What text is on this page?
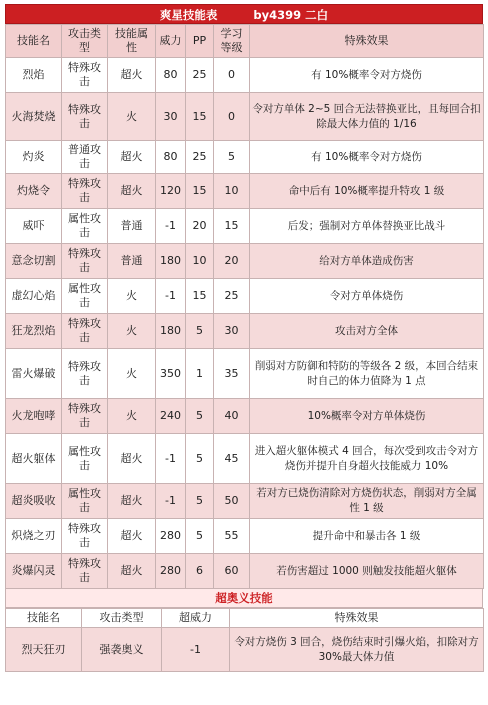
爽星技能表	by4399 二白
技能名	攻击类型	技能属性	威力	PP	学习等级	特殊效果
烈焰	特殊攻击	超火	80	25	0	有 10%概率令对方烧伤
火海焚烧	特殊攻击	火	30	15	0	令对方单体 2~5 回合无法替换亚比，且每回合扣除最大体力值的 1/16
灼炎	普通攻击	超火	80	25	5	有 10%概率令对方烧伤
灼烧令	特殊攻击	超火	120	15	10	命中后有 10%概率提升特攻 1 级
威吓	属性攻击	普通	-1	20	15	后发；强制对方单体替换亚比战斗
意念切割	特殊攻击	普通	180	10	20	给对方单体造成伤害
虚幻心焰	属性攻击	火	-1	15	25	令对方单体烧伤
狂龙烈焰	特殊攻击	火	180	5	30	攻击对方全体
雷火爆破	特殊攻击	火	350	1	35	削弱对方防御和特防的等级各 2 级，本回合结束时自己的体力值降为 1 点
火龙咆哮	特殊攻击	火	240	5	40	10%概率令对方单体烧伤
超火躯体	属性攻击	超火	-1	5	45	进入超火躯体模式 4 回合，每次受到攻击令对方烧伤并提升自身超火技能威力 10%
超炎吸收	属性攻击	超火	-1	5	50	若对方已烧伤清除对方烧伤状态，削弱对方全属性 1 级
炽烧之刃	特殊攻击	超火	280	5	55	提升命中和暴击各 1 级
炎爆闪灵	特殊攻击	超火	280	6	60	若伤害超过 1000 则触发技能超火躯体
超奥义技能
技能名	攻击类型	超威力	特殊效果
烈天狂刃	强袭奥义	-1	令对方烧伤 3 回合，烧伤结束时引爆火焰，扣除对方 30%最大体力值
